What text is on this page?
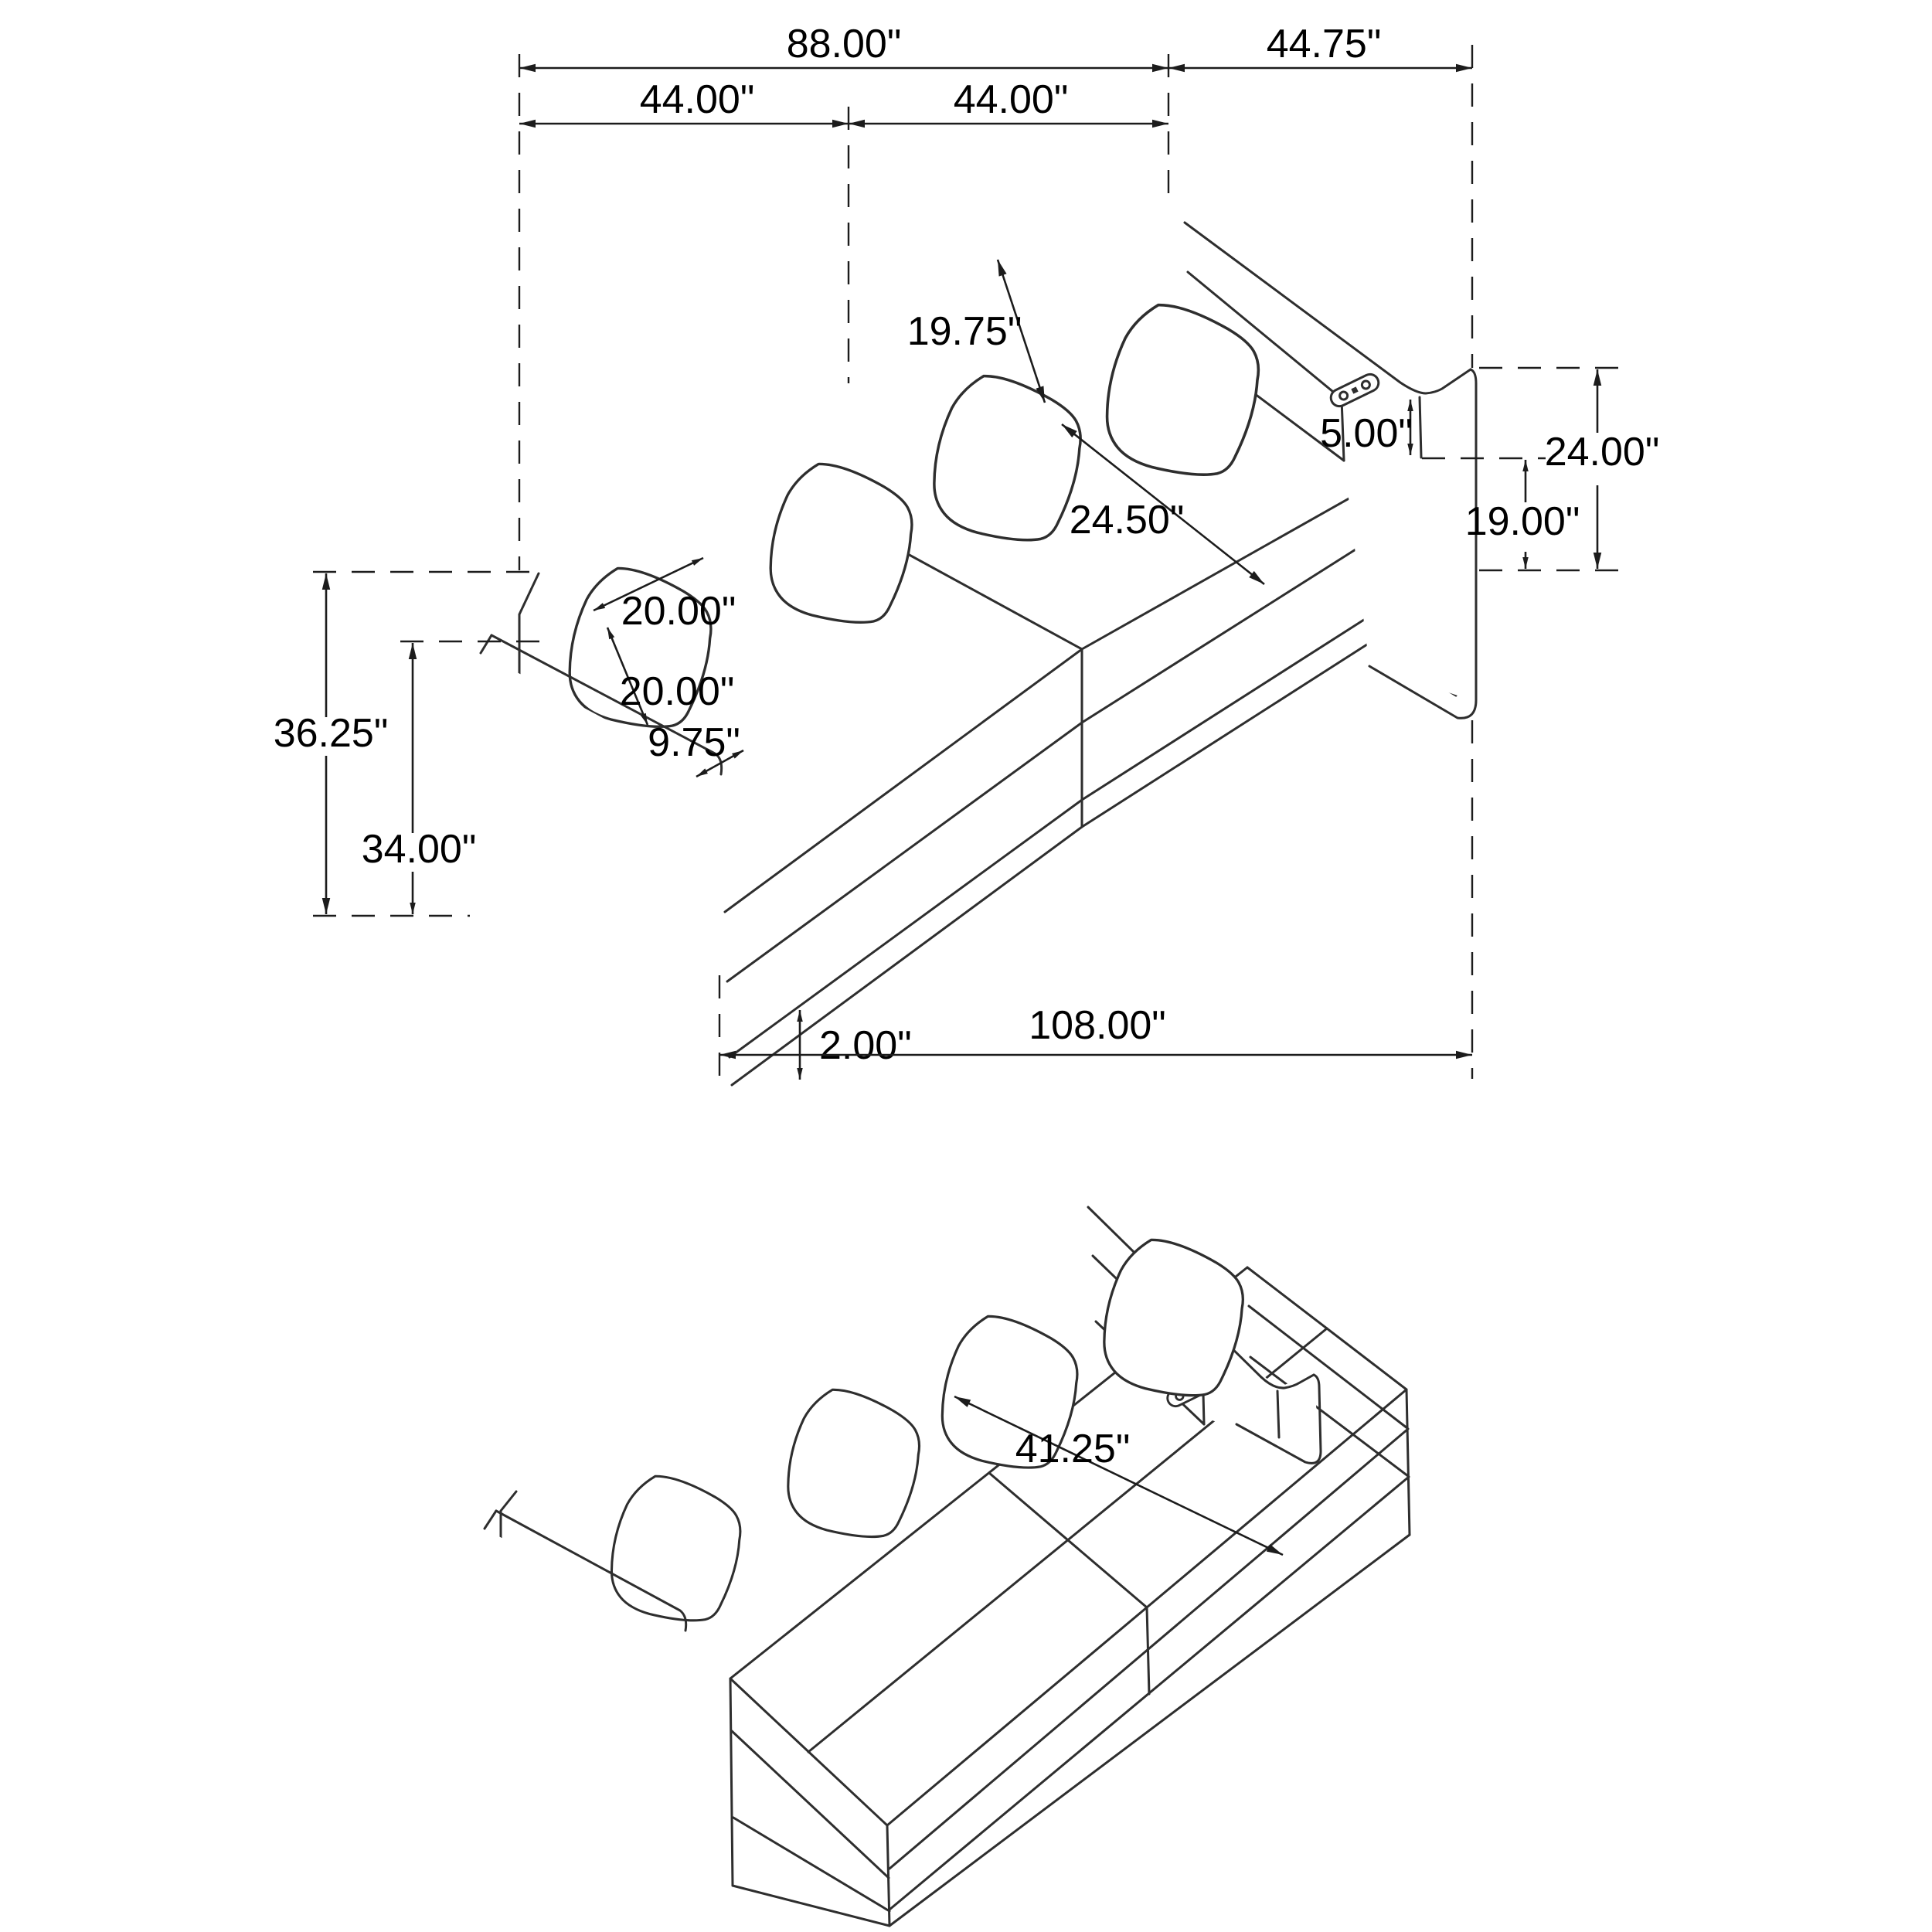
88.00"	44.75"
44.00"	44.00"
19.75"
24.50"
5.00"	24.00"
19.00"
20.00"
20.00"
36.25"
34.00"
9.75"
2.00"	108.00"
41.25"
